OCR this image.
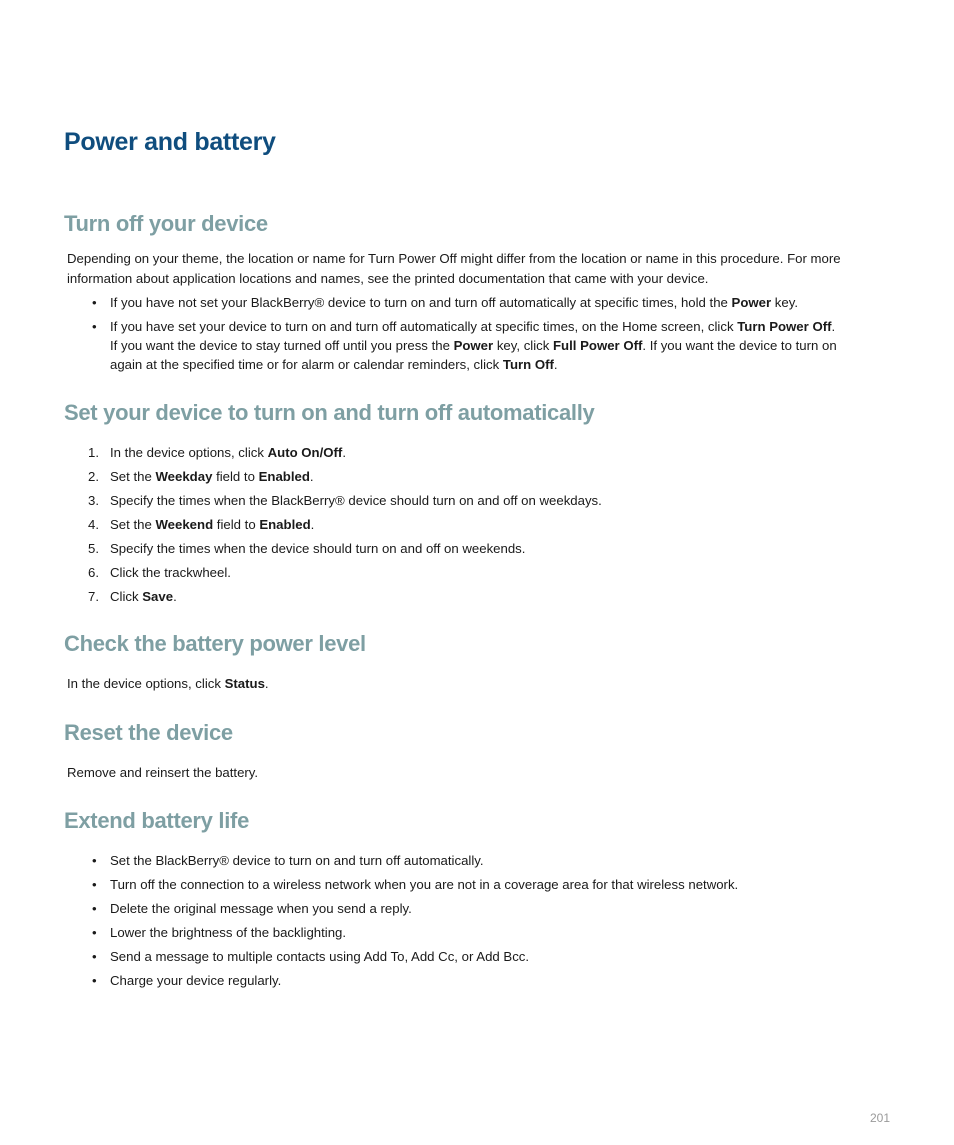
Power and battery
Turn off your device

Depending on your theme, the location or name for Turn Power Off might differ from the location or name in this procedure. For more information about application locations and names, see the printed documentation that came with your device.

• If you have not set your BlackBerry® device to turn on and turn off automatically at specific times, hold the Power key.
• If you have set your device to turn on and turn off automatically at specific times, on the Home screen, click Turn Power Off. If you want the device to stay turned off until you press the Power key, click Full Power Off. If you want the device to turn on again at the specified time or for alarm or calendar reminders, click Turn Off.
Set your device to turn on and turn off automatically
1. In the device options, click Auto On/Off.
2. Set the Weekday field to Enabled.
3. Specify the times when the BlackBerry® device should turn on and off on weekdays.
4. Set the Weekend field to Enabled.
5. Specify the times when the device should turn on and off on weekends.
6. Click the trackwheel.
7. Click Save.
Check the battery power level

In the device options, click Status.

Reset the device

Remove and reinsert the battery.

Extend battery life
• Set the BlackBerry® device to turn on and turn off automatically.
• Turn off the connection to a wireless network when you are not in a coverage area for that wireless network.
• Delete the original message when you send a reply.
• Lower the brightness of the backlighting.
• Send a message to multiple contacts using Add To, Add Cc, or Add Bcc.
• Charge your device regularly.
201
